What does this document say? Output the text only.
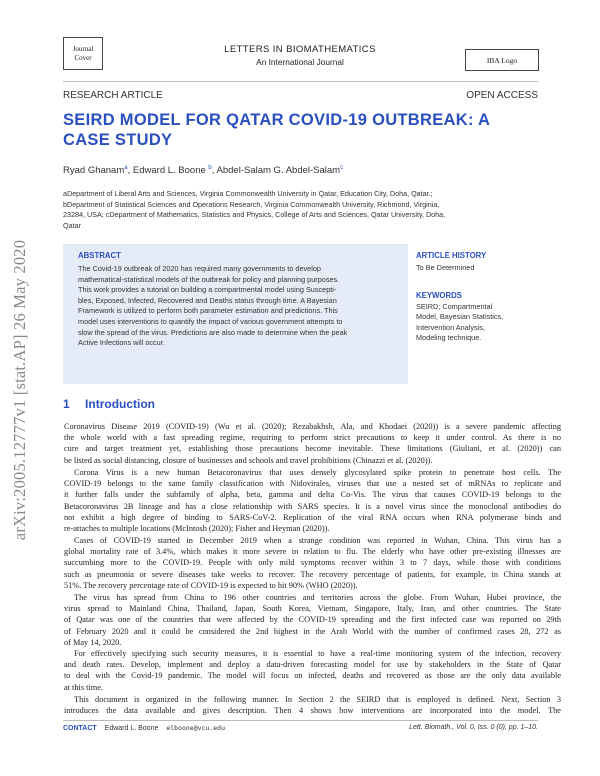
Journal Cover
LETTERS IN BIOMATHEMATICS
An International Journal	IBA Logo
RESEARCH ARTICLE	OPEN ACCESS
SEIRD MODEL FOR QATAR COVID-19 OUTBREAK: A
CASE STUDY
Ryad Ghanam$^a$, Edward L. Boone $^b$, Abdel-Salam G. Abdel-Salam$^c$
aDepartment of Liberal Arts and Sciences, Virginia Commonwealth University in Qatar, Education City, Doha, Qatar.;
bDepartment of Statistical Sciences and Operations Research, Virginia Commonwealth University, Richmond, Virginia,
23284, USA; cDepartment of Mathematics, Statistics and Physics, College of Arts and Sciences, Qatar University, Doha,
Qatar
arXiv:2005.12777v1 [stat.AP] 26 May 2020	ABSTRACT
The Covid-19 outbreak of 2020 has required many governments to develop
mathematical-statistical models of the outbreak for policy and planning purposes.
This work provides a tutorial on building a compartmental model using Suscepti-
bles, Exposed, Infected, Recovered and Deaths status through time. A Bayesian
Framework is utilized to perform both parameter estimation and predictions. This
model uses interventions to quantify the impact of various government attempts to
slow the spread of the virus. Predictions are also made to determine when the peak
Active Infections will occur.
ARTICLE HISTORY
To Be Determined
KEYWORDS
SEIRD; Compartmental
Model, Bayesian Statistics,
Intervention Analysis,
Modeling technique.
1 Introduction
Coronavirus Disease 2019 (COVID-19) (Wu et al. (2020); Rezabakhsh, Ala, and Khodaei (2020)) is a severe pandemic affecting
the whole world with a fast spreading regime, requiring to perform strict precautions to keep it under control. As there is no
cure and target treatment yet, establishing those precautions become inevitable. These limitations (Giuliani, et al. (2020)) can
be listed as social distancing, closure of businesses and schools and travel prohibitions (Chinazzi et al. (2020)).
Corona Virus is a new human Betacoronavirus that uses densely glycosylated spike protein to penetrate host cells. The
COVID-19 belongs to the same family classification with Nidovirales, viruses that use a nested set of mRNAs to replicate and
it further falls under the subfamily of alpha, beta, gamma and delta Co-Vis. The virus that causes COVID-19 belongs to the
Betacoronavirus 2B lineage and has a close relationship with SARS species. It is a novel virus since the monoclonal antibodies do
not exhibit a high degree of binding to SARS-CoV-2. Replication of the viral RNA occurs when RNA polymerase binds and
re-attaches to multiple locations (McIntosh (2020); Fisher and Heyman (2020)).
Cases of COVID-19 started in December 2019 when a strange condition was reported in Wuhan, China. This virus has a
global mortality rate of 3.4%, which makes it more severe in relation to flu. The elderly who have other pre-existing illnesses are
succumbing more to the COVID-19. People with only mild symptoms recover within 3 to 7 days, while those with conditions
such as pneumonia or severe diseases take weeks to recover. The recovery percentage of patients, for example, in China stands at
51%. The recovery percentage rate of COVID-19 is expected to hit 90% (WHO (2020)).
The virus has spread from China to 196 other countries and territories across the globe. From Wuhan, Hubei province, the
virus spread to Mainland China, Thailand, Japan, South Korea, Vietnam, Singapore, Italy, Iran, and other countries. The State
of Qatar was one of the countries that were affected by the COVID-19 spreading and the first infected case was reported on 29th
of February 2020 and it could be considered the 2nd highest in the Arab World with the number of confirmed cases 28, 272 as
of May 14, 2020.
For effectively specifying such security measures, it is essential to have a real-time monitoring system of the infection, recovery
and death rates. Develop, implement and deploy a data-driven forecasting model for use by stakeholders in the State of Qatar
to deal with the Covid-19 pandemic. The model will focus on infected, deaths and recovered as those are the only data available
at this time.
This document is organized in the following manner. In Section 2 the SEIRD that is employed is defined. Next, Section 3
introduces the data available and gives description. Then 4 shows how interventions are incorporated into the model. The
CONTACT Edward L. Boone elboone@vcu.edu	Lett. Biomath., Vol. 0, Iss. 0 (0), pp. 1–10.
